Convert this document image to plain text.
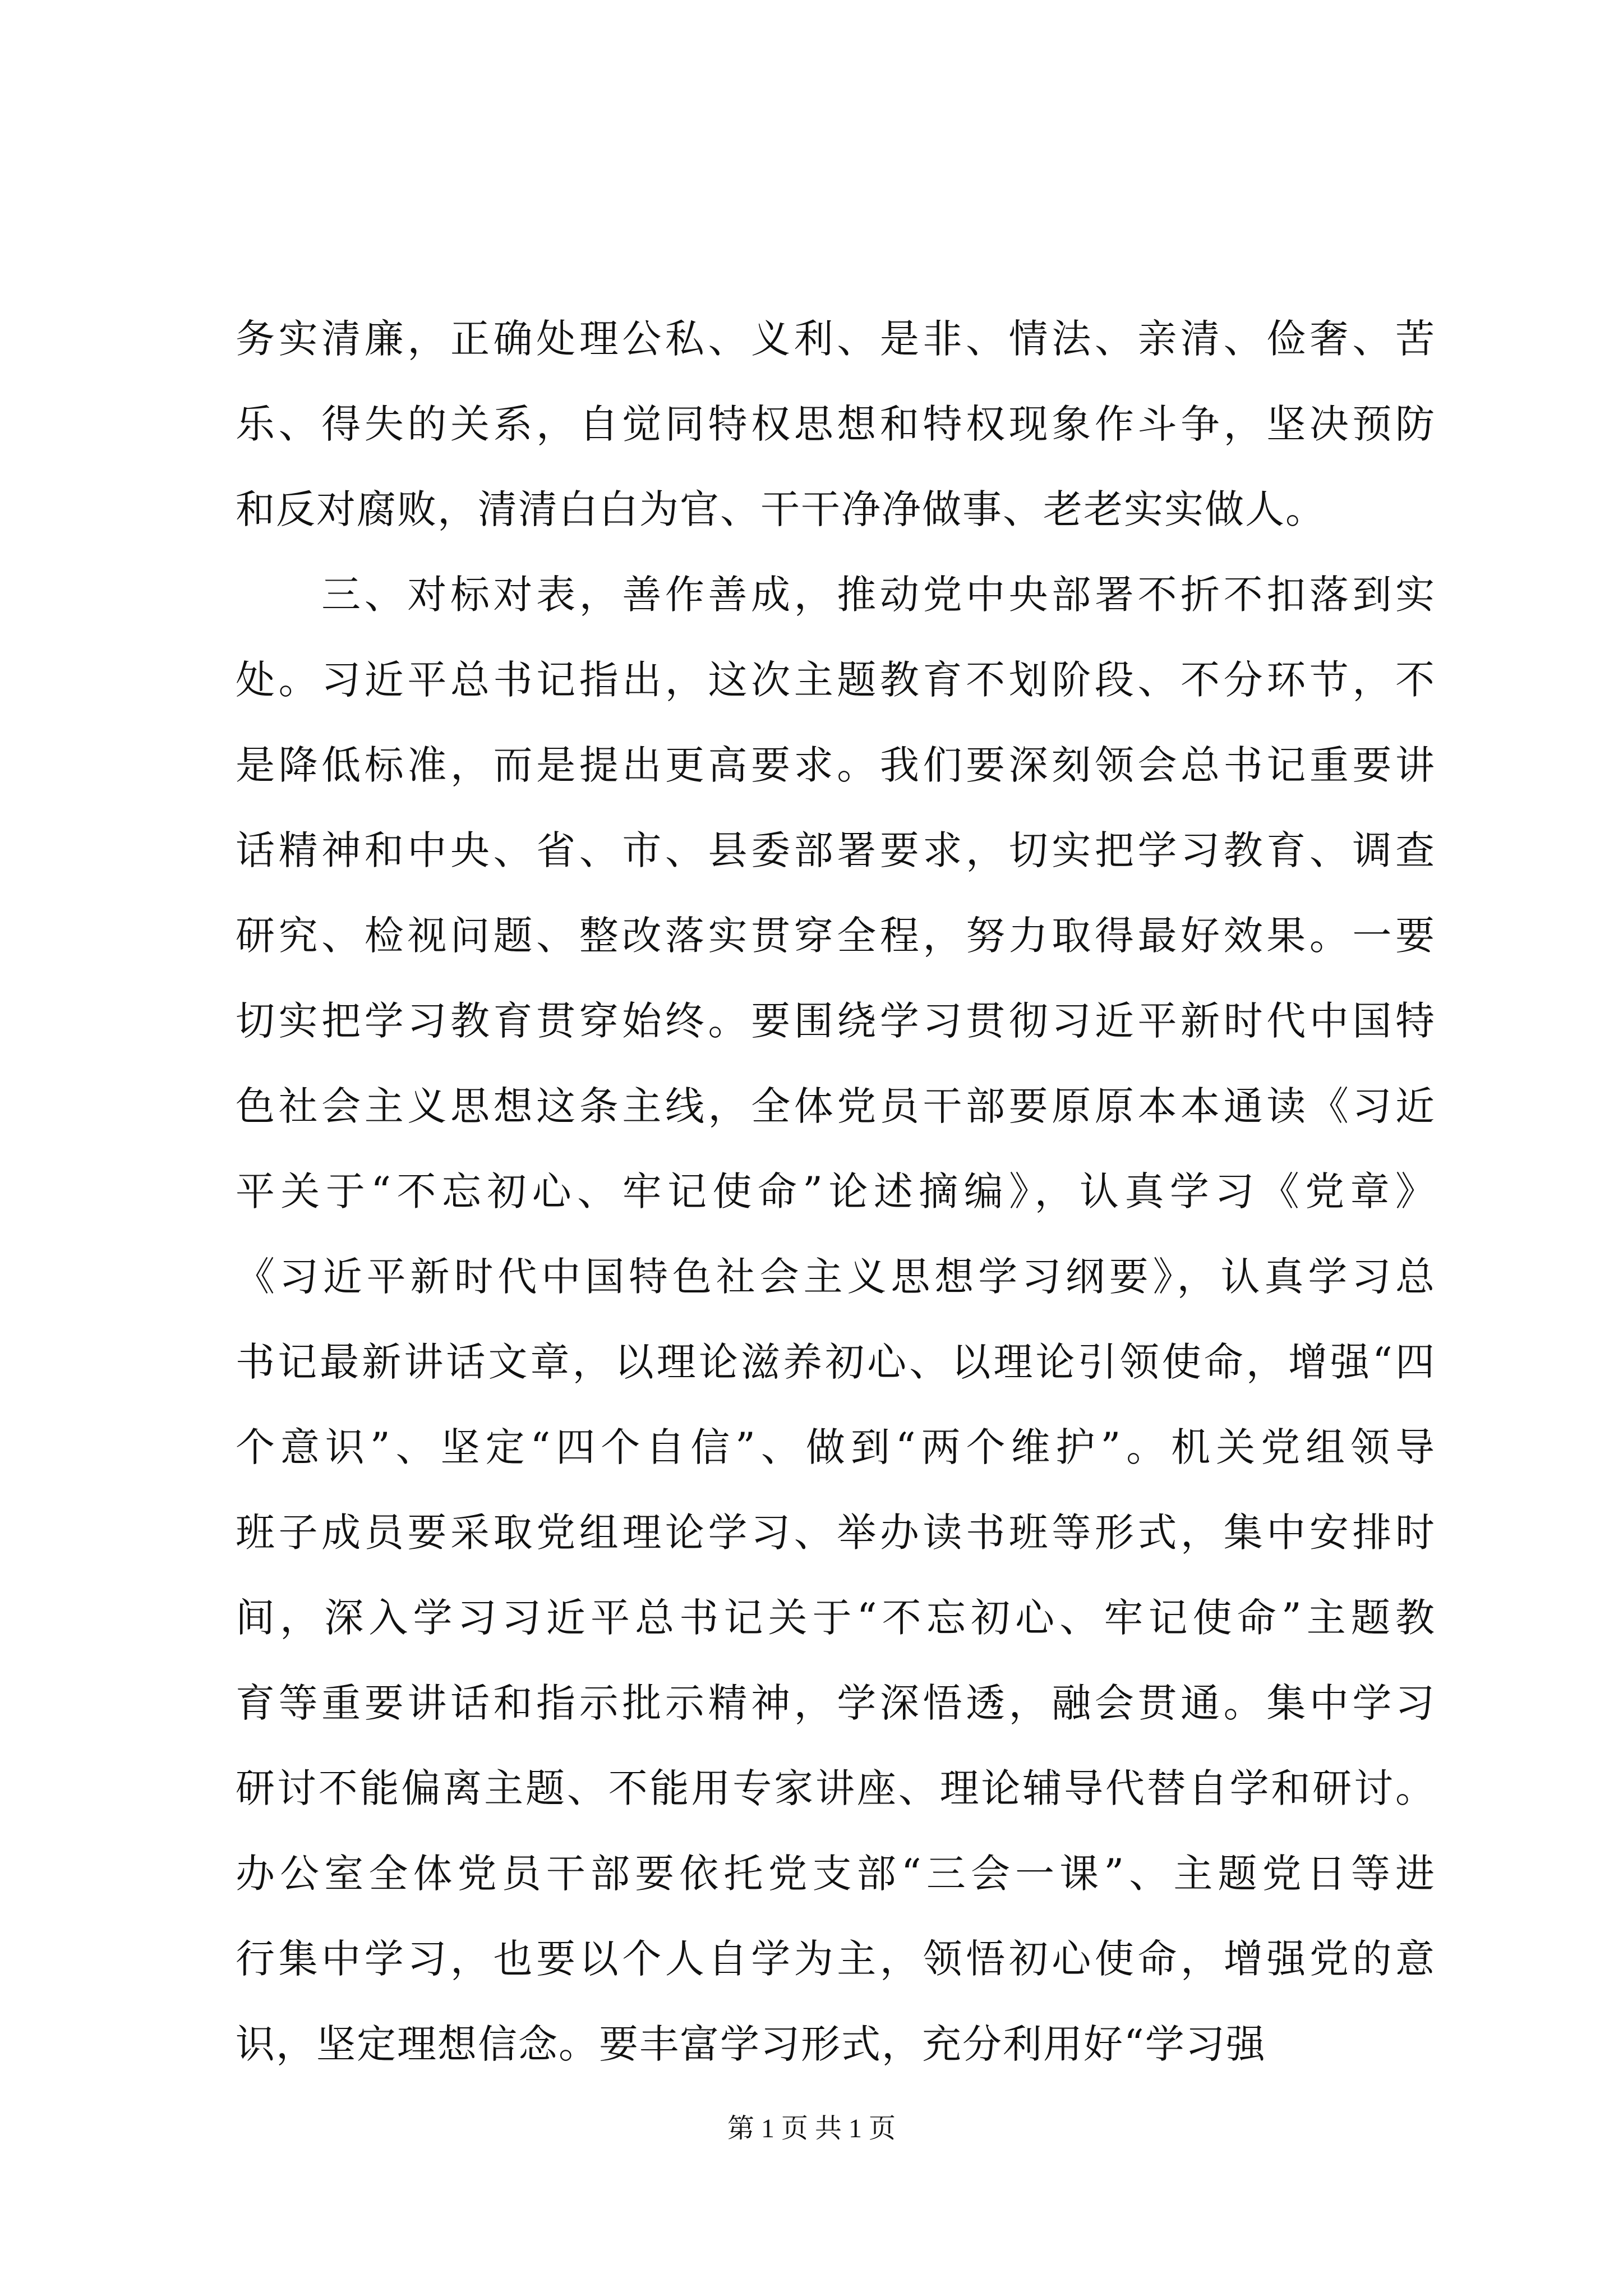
务实清廉，正确处理公私、义利、是非、情法、亲清、俭奢、苦
乐、得失的关系，自觉同特权思想和特权现象作斗争，坚决预防
和反对腐败，清清白白为官、干干净净做事、老老实实做人。
　　三、对标对表，善作善成，推动党中央部署不折不扣落到实
处。习近平总书记指出，这次主题教育不划阶段、不分环节，不
是降低标准，而是提出更高要求。我们要深刻领会总书记重要讲
话精神和中央、省、市、县委部署要求，切实把学习教育、调查
研究、检视问题、整改落实贯穿全程，努力取得最好效果。一要
切实把学习教育贯穿始终。要围绕学习贯彻习近平新时代中国特
色社会主义思想这条主线，全体党员干部要原原本本通读《习近
平关于“不忘初心、牢记使命”论述摘编》，认真学习《党章》
《习近平新时代中国特色社会主义思想学习纲要》，认真学习总
书记最新讲话文章，以理论滋养初心、以理论引领使命，增强“四
个意识”、坚定“四个自信”、做到“两个维护”。机关党组领导
班子成员要采取党组理论学习、举办读书班等形式，集中安排时
间，深入学习习近平总书记关于“不忘初心、牢记使命”主题教
育等重要讲话和指示批示精神，学深悟透，融会贯通。集中学习
研讨不能偏离主题、不能用专家讲座、理论辅导代替自学和研讨。
办公室全体党员干部要依托党支部“三会一课”、主题党日等进
行集中学习，也要以个人自学为主，领悟初心使命，增强党的意
识，坚定理想信念。要丰富学习形式，充分利用好“学习强
第 1 页 共 1 页
